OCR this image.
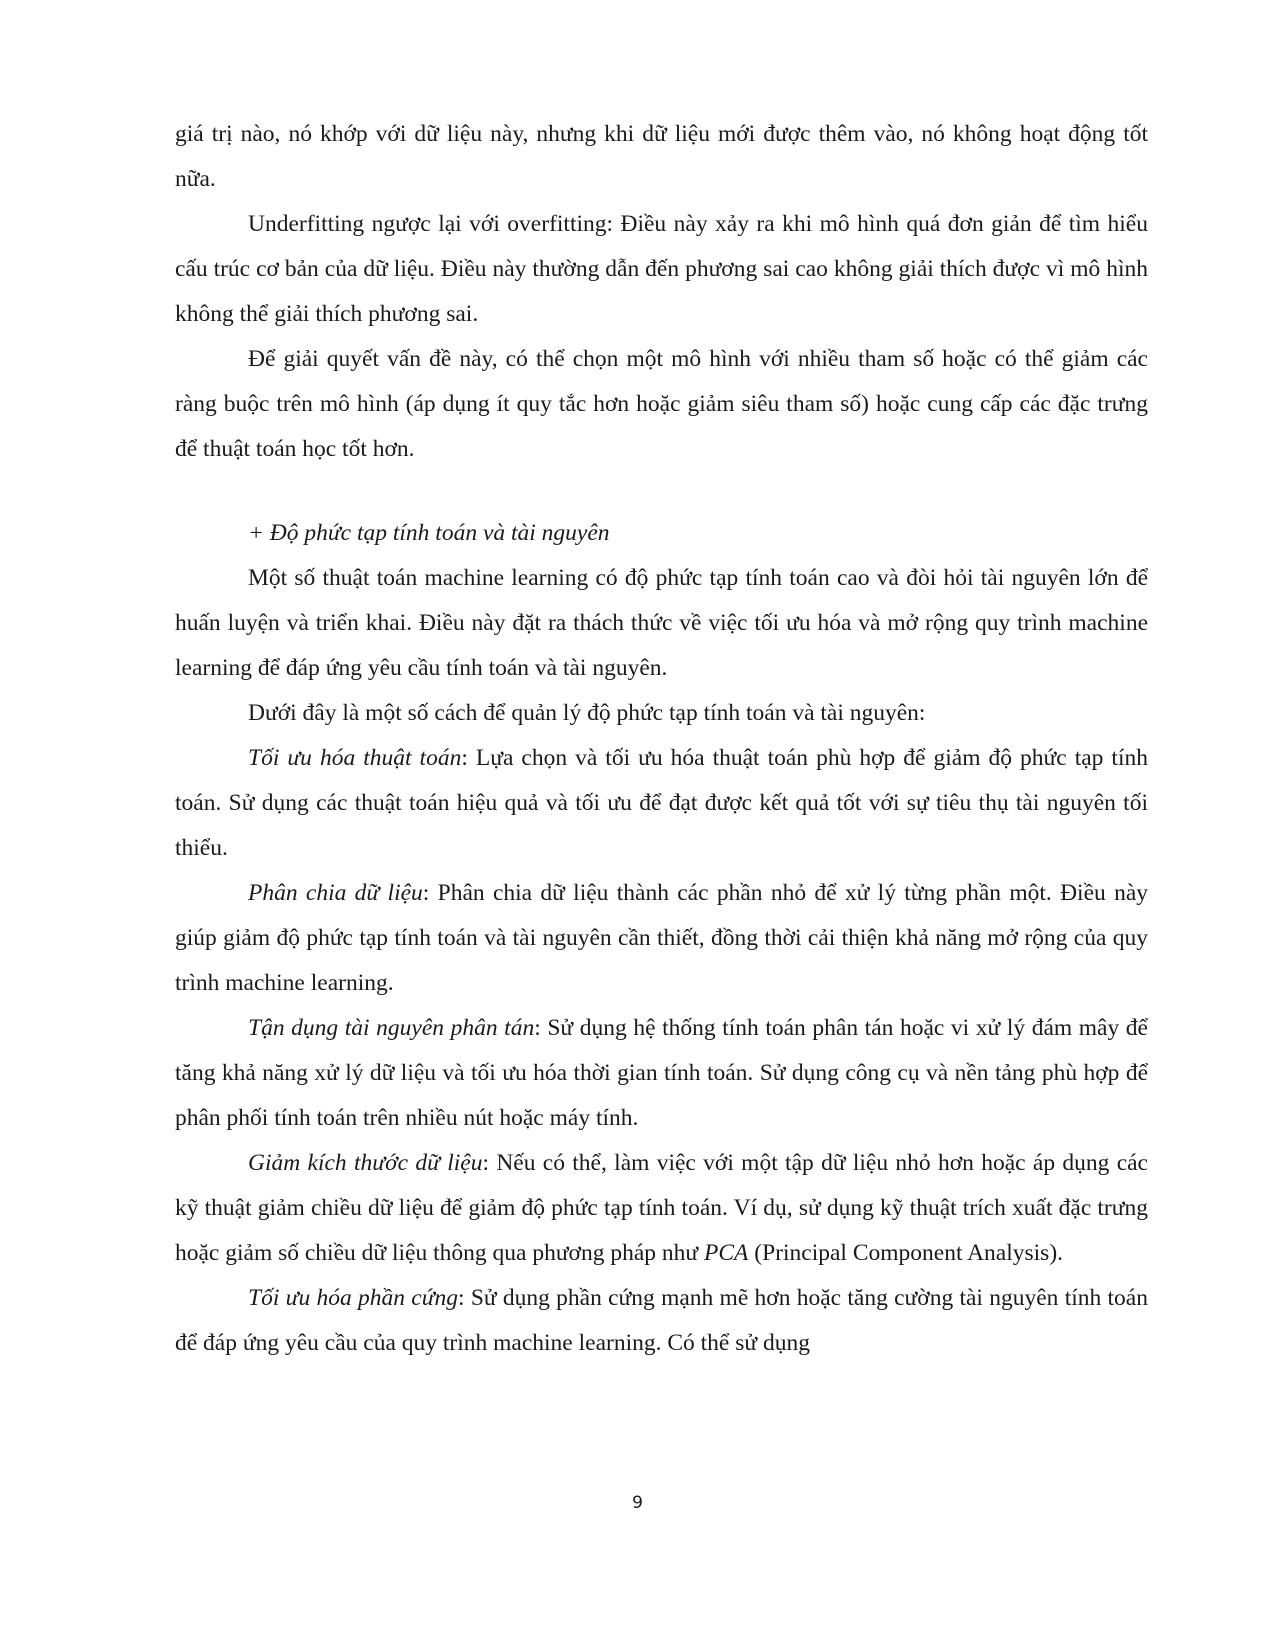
giá trị nào, nó khớp với dữ liệu này, nhưng khi dữ liệu mới được thêm vào, nó không hoạt động tốt nữa.

Underfitting ngược lại với overfitting: Điều này xảy ra khi mô hình quá đơn giản để tìm hiểu cấu trúc cơ bản của dữ liệu. Điều này thường dẫn đến phương sai cao không giải thích được vì mô hình không thể giải thích phương sai.

Để giải quyết vấn đề này, có thể chọn một mô hình với nhiều tham số hoặc có thể giảm các ràng buộc trên mô hình (áp dụng ít quy tắc hơn hoặc giảm siêu tham số) hoặc cung cấp các đặc trưng để thuật toán học tốt hơn.

+ Độ phức tạp tính toán và tài nguyên

Một số thuật toán machine learning có độ phức tạp tính toán cao và đòi hỏi tài nguyên lớn để huấn luyện và triển khai. Điều này đặt ra thách thức về việc tối ưu hóa và mở rộng quy trình machine learning để đáp ứng yêu cầu tính toán và tài nguyên.

Dưới đây là một số cách để quản lý độ phức tạp tính toán và tài nguyên:

Tối ưu hóa thuật toán: Lựa chọn và tối ưu hóa thuật toán phù hợp để giảm độ phức tạp tính toán. Sử dụng các thuật toán hiệu quả và tối ưu để đạt được kết quả tốt với sự tiêu thụ tài nguyên tối thiểu.

Phân chia dữ liệu: Phân chia dữ liệu thành các phần nhỏ để xử lý từng phần một. Điều này giúp giảm độ phức tạp tính toán và tài nguyên cần thiết, đồng thời cải thiện khả năng mở rộng của quy trình machine learning.

Tận dụng tài nguyên phân tán: Sử dụng hệ thống tính toán phân tán hoặc vi xử lý đám mây để tăng khả năng xử lý dữ liệu và tối ưu hóa thời gian tính toán. Sử dụng công cụ và nền tảng phù hợp để phân phối tính toán trên nhiều nút hoặc máy tính.

Giảm kích thước dữ liệu: Nếu có thể, làm việc với một tập dữ liệu nhỏ hơn hoặc áp dụng các kỹ thuật giảm chiều dữ liệu để giảm độ phức tạp tính toán. Ví dụ, sử dụng kỹ thuật trích xuất đặc trưng hoặc giảm số chiều dữ liệu thông qua phương pháp như PCA (Principal Component Analysis).

Tối ưu hóa phần cứng: Sử dụng phần cứng mạnh mẽ hơn hoặc tăng cường tài nguyên tính toán để đáp ứng yêu cầu của quy trình machine learning. Có thể sử dụng

9
